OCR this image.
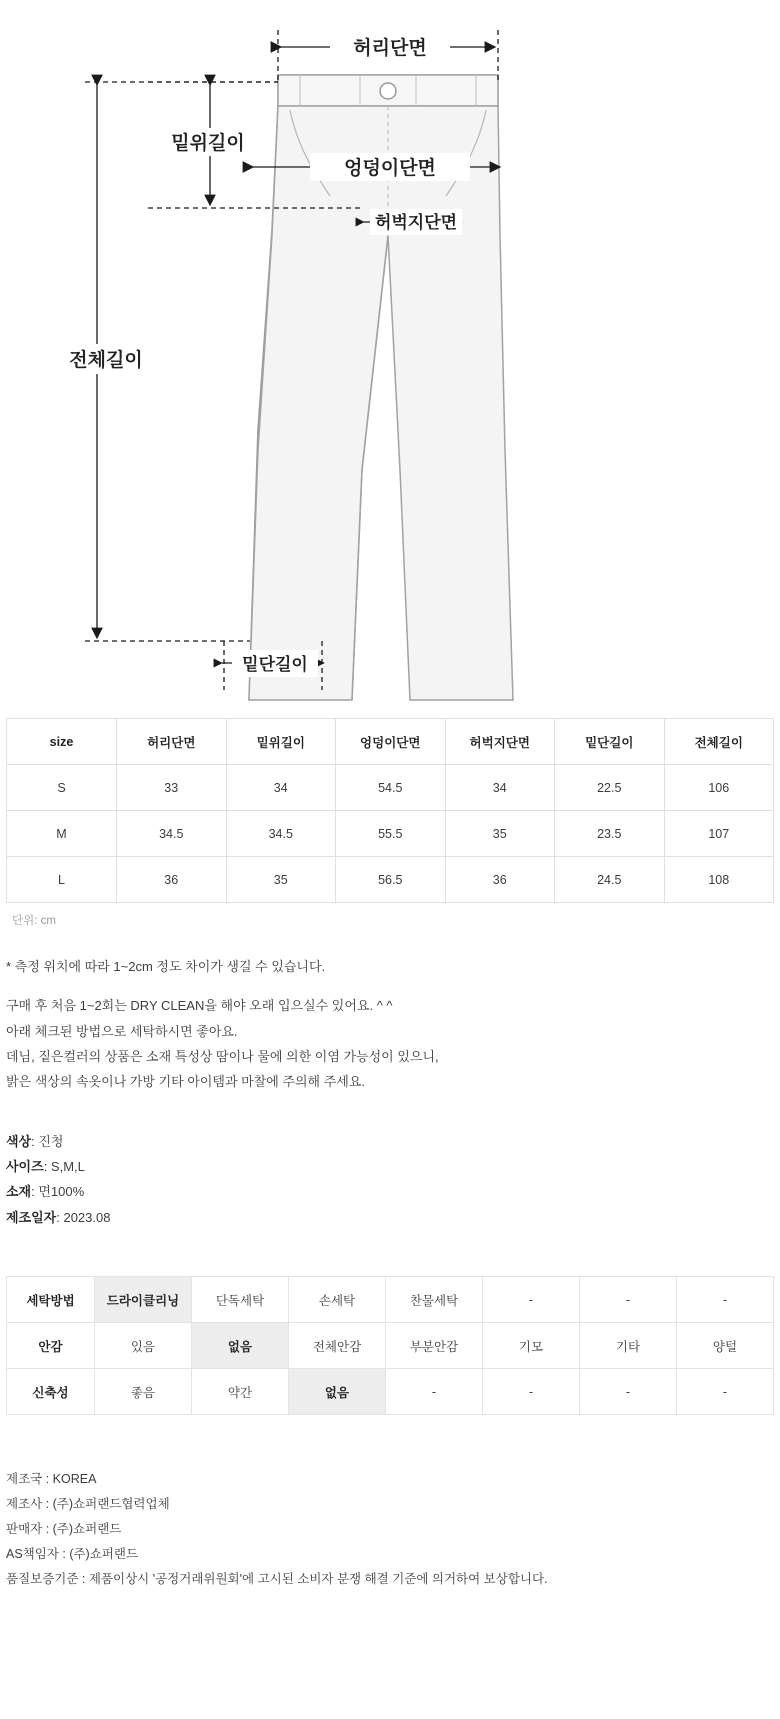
허리단면
밑위길이
엉덩이단면
허벅지단면
전체길이
밑단길이
size	허리단면	밑위길이	엉덩이단면	허벅지단면	밑단길이	전체길이
S	33	34	54.5	34	22.5	106
M	34.5	34.5	55.5	35	23.5	107
L	36	35	56.5	36	24.5	108
단위: cm
* 측정 위치에 따라 1~2cm 정도 차이가 생길 수 있습니다.
구매 후 처음 1~2회는 DRY CLEAN을 해야 오래 입으실수 있어요. ^ ^
아래 체크된 방법으로 세탁하시면 좋아요.
데님, 짙은컬러의 상품은 소재 특성상 땀이나 물에 의한 이염 가능성이 있으니,
밝은 색상의 속옷이나 가방 기타 아이템과 마찰에 주의해 주세요.
색상: 진청
사이즈: S,M,L
소재: 면100%
제조일자: 2023.08
세탁방법	드라이클리닝	단독세탁	손세탁	찬물세탁	-	-	-
안감	있음	없음	전체안감	부분안감	기모	기타	양털
신축성	좋음	약간	없음	-	-	-	-
제조국 : KOREA
제조사 : (주)쇼퍼랜드협력업체
판매자 : (주)쇼퍼랜드
AS책임자 : (주)쇼퍼랜드
품질보증기준 : 제품이상시 '공정거래위원회'에 고시된 소비자 분쟁 해결 기준에 의거하여 보상합니다.
